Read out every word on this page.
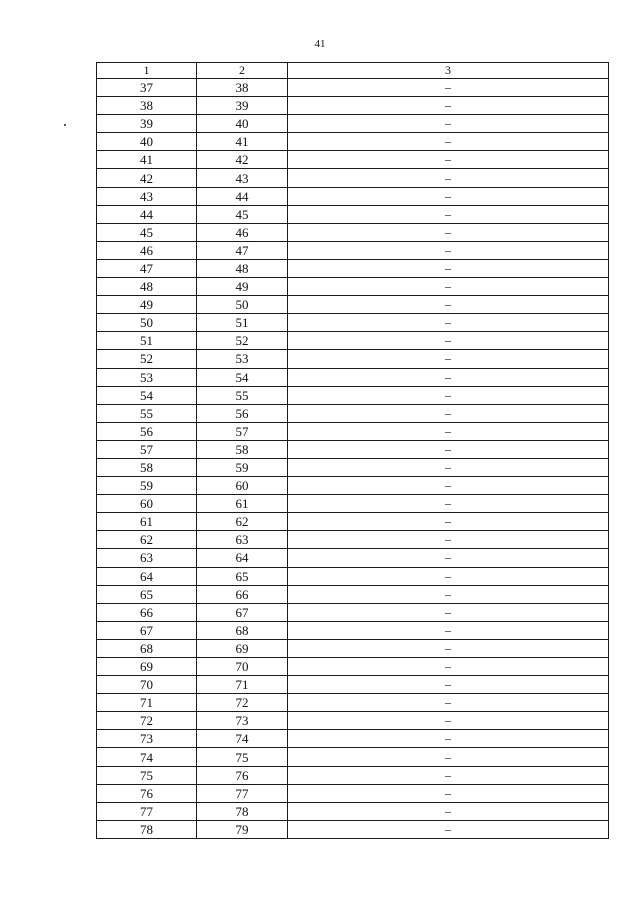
41
1	2	3
37	38	–
38	39	–
39	40	–
40	41	–
41	42	–
42	43	–
43	44	–
44	45	–
45	46	–
46	47	–
47	48	–
48	49	–
49	50	–
50	51	–
51	52	–
52	53	–
53	54	–
54	55	–
55	56	–
56	57	–
57	58	–
58	59	–
59	60	–
60	61	–
61	62	–
62	63	–
63	64	–
64	65	–
65	66	–
66	67	–
67	68	–
68	69	–
69	70	–
70	71	–
71	72	–
72	73	–
73	74	–
74	75	–
75	76	–
76	77	–
77	78	–
78	79	–
